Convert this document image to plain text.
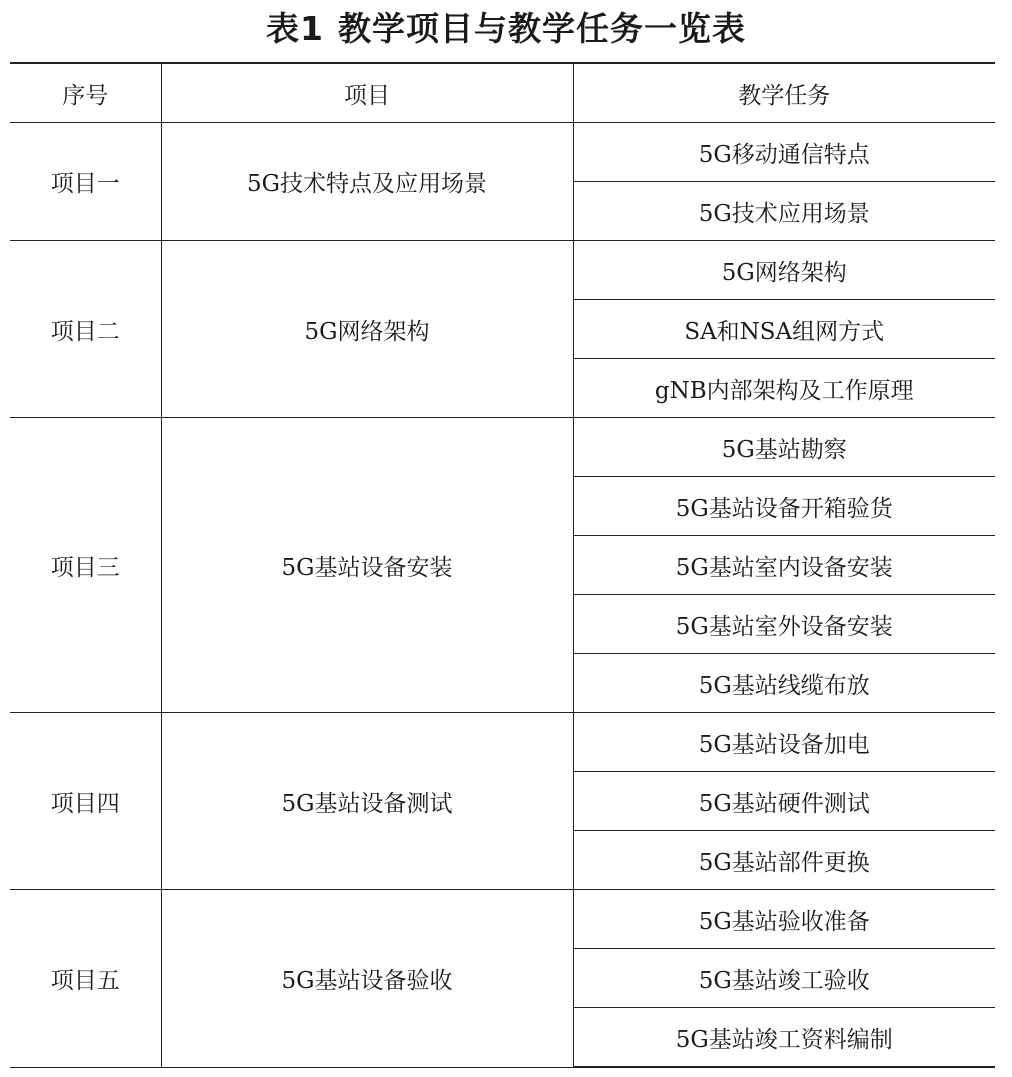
表1 教学项目与教学任务一览表
序号	项目	教学任务
项目一	5G技术特点及应用场景	5G移动通信特点
		5G技术应用场景
项目二	5G网络架构	5G网络架构
		SA和NSA组网方式
		gNB内部架构及工作原理
项目三	5G基站设备安装	5G基站勘察
		5G基站设备开箱验货
		5G基站室内设备安装
		5G基站室外设备安装
		5G基站线缆布放
项目四	5G基站设备测试	5G基站设备加电
		5G基站硬件测试
		5G基站部件更换
项目五	5G基站设备验收	5G基站验收准备
		5G基站竣工验收
		5G基站竣工资料编制
